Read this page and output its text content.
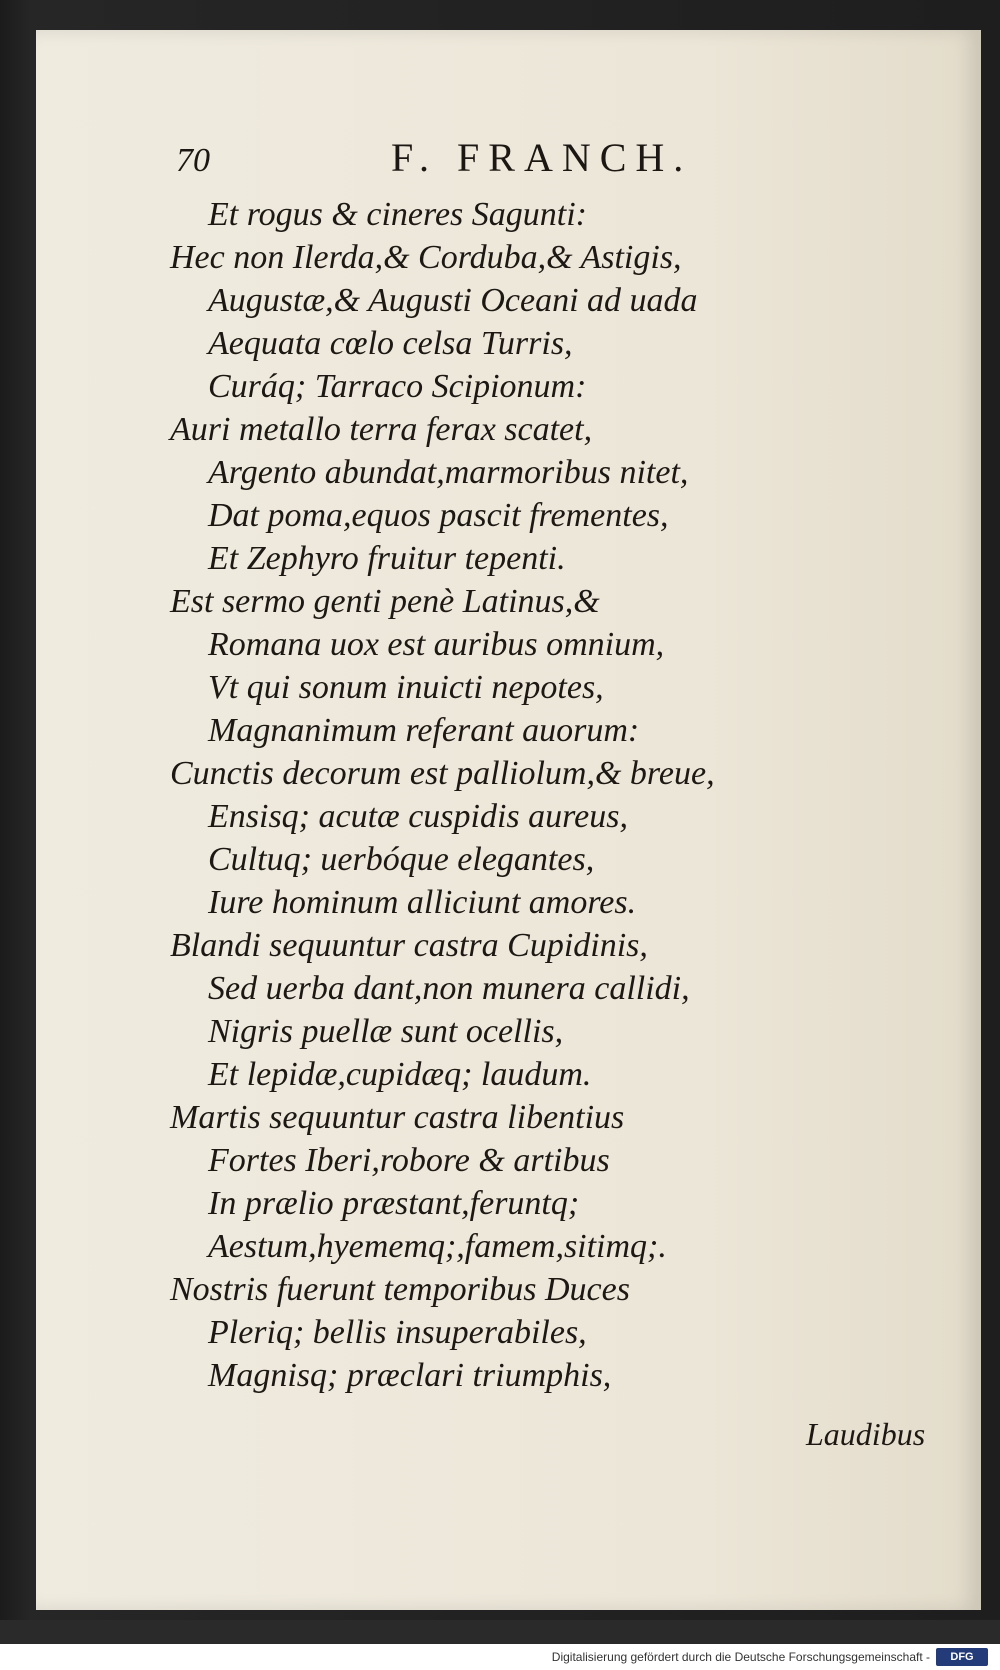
70	F. FRANCH.
Et rogus & cineres Sagunti:
Hec non Ilerda,& Corduba,& Astigis,
Augustæ,& Augusti Oceani ad uada
Aequata cœlo celsa Turris,
Curáq; Tarraco Scipionum:
Auri metallo terra ferax scatet,
Argento abundat,marmoribus nitet,
Dat poma,equos pascit frementes,
Et Zephyro fruitur tepenti.
Est sermo genti penè Latinus,&
Romana uox est auribus omnium,
Vt qui sonum inuicti nepotes,
Magnanimum referant auorum:
Cunctis decorum est palliolum,& breue,
Ensisq; acutæ cuspidis aureus,
Cultuq; uerbóque elegantes,
Iure hominum alliciunt amores.
Blandi sequuntur castra Cupidinis,
Sed uerba dant,non munera callidi,
Nigris puellæ sunt ocellis,
Et lepidæ,cupidæq; laudum.
Martis sequuntur castra libentius
Fortes Iberi,robore & artibus
In prælio præstant,feruntq;
Aestum,hyememq;,famem,sitimq;.
Nostris fuerunt temporibus Duces
Pleriq; bellis insuperabiles,
Magnisq; præclari triumphis,
Laudibus
Digitalisierung gefördert durch die Deutsche Forschungsgemeinschaft -	DFG
